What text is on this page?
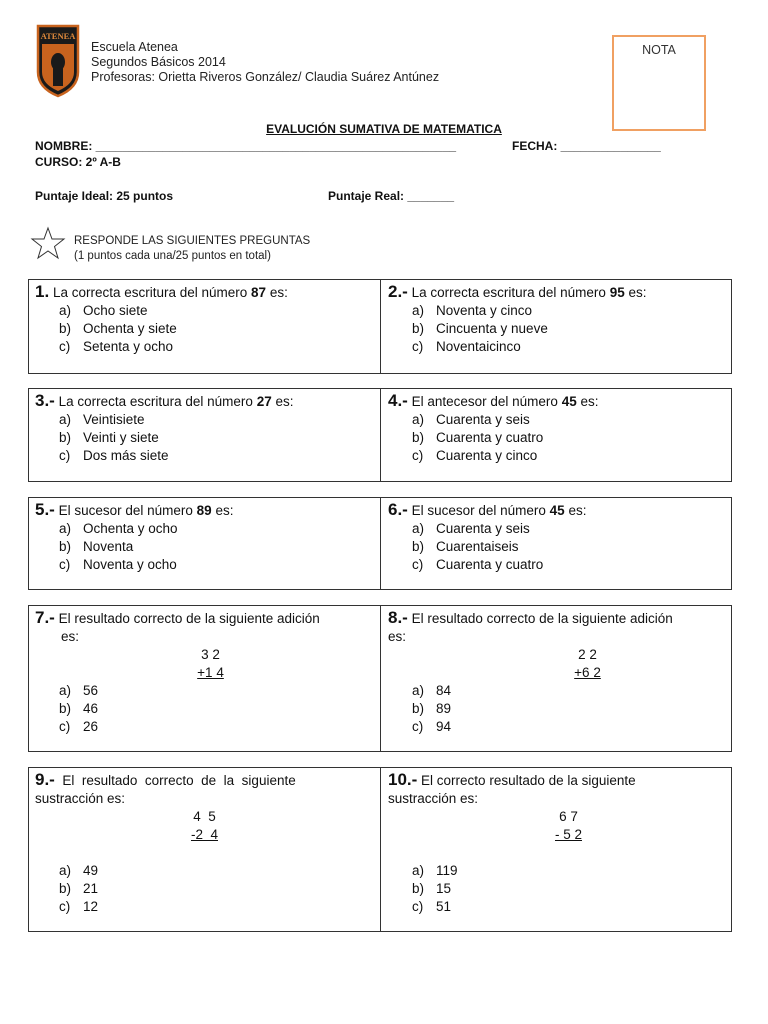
ATENEA
Escuela Atenea
Segundos Básicos 2014
Profesoras: Orietta Riveros González/ Claudia Suárez Antúnez
NOTA
EVALUCIÓN SUMATIVA DE MATEMATICA
NOMBRE: ______________________________________________________	FECHA: _______________
CURSO: 2º A-B
Puntaje Ideal: 25 puntos	Puntaje Real: _______
RESPONDE LAS SIGUIENTES PREGUNTAS
(1 puntos cada una/25 puntos en total)
1. La correcta escritura del número 87 es:
a) Ocho siete
b) Ochenta y siete
c) Setenta y ocho
2.- La correcta escritura del número 95 es:
a) Noventa y cinco
b) Cincuenta y nueve
c) Noventaicinco
3.- La correcta escritura del número 27 es:
a) Veintisiete
b) Veinti y siete
c) Dos más siete
4.- El antecesor del número 45 es:
a) Cuarenta y seis
b) Cuarenta y cuatro
c) Cuarenta y cinco
5.- El sucesor del número 89 es:
a) Ochenta y ocho
b) Noventa
c) Noventa y ocho
6.- El sucesor del número 45 es:
a) Cuarenta y seis
b) Cuarentaiseis
c) Cuarenta y cuatro
7.- El resultado correcto de la siguiente adición
es:
3 2
+1 4
a) 56
b) 46
c) 26
8.- El resultado correcto de la siguiente adición
es:
2 2
+6 2
a) 84
b) 89
c) 94
9.-  El  resultado  correcto  de  la  siguiente
sustracción es:
4  5
-2  4
a) 49
b) 21
c) 12
10.- El correcto resultado de la siguiente
sustracción es:
6 7
- 5 2
a) 119
b) 15
c) 51
